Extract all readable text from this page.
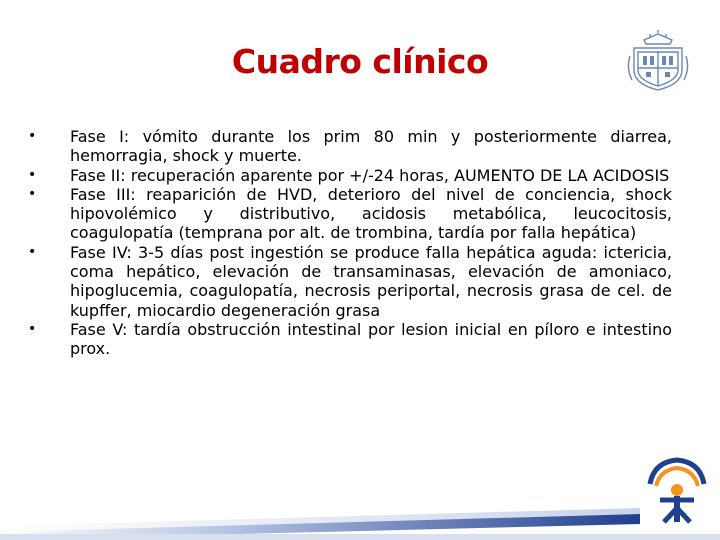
Cuadro clínico
• Fase I: vómito durante los prim 80 min y posteriormente diarrea, hemorragia, shock y muerte.
• Fase II: recuperación aparente por +/-24 horas, AUMENTO DE LA ACIDOSIS
• Fase III: reaparición de HVD, deterioro del nivel de conciencia, shock hipovolémico y distributivo, acidosis metabólica, leucocitosis, coagulopatía (temprana por alt. de trombina, tardía por falla hepática)
• Fase IV: 3-5 días post ingestión se produce falla hepática aguda: ictericia, coma hepático, elevación de transaminasas, elevación de amoniaco, hipoglucemia, coagulopatía, necrosis periportal, necrosis grasa de cel. de kupffer, miocardio degeneración grasa
• Fase V: tardía obstrucción intestinal por lesion inicial en píloro e intestino prox.
